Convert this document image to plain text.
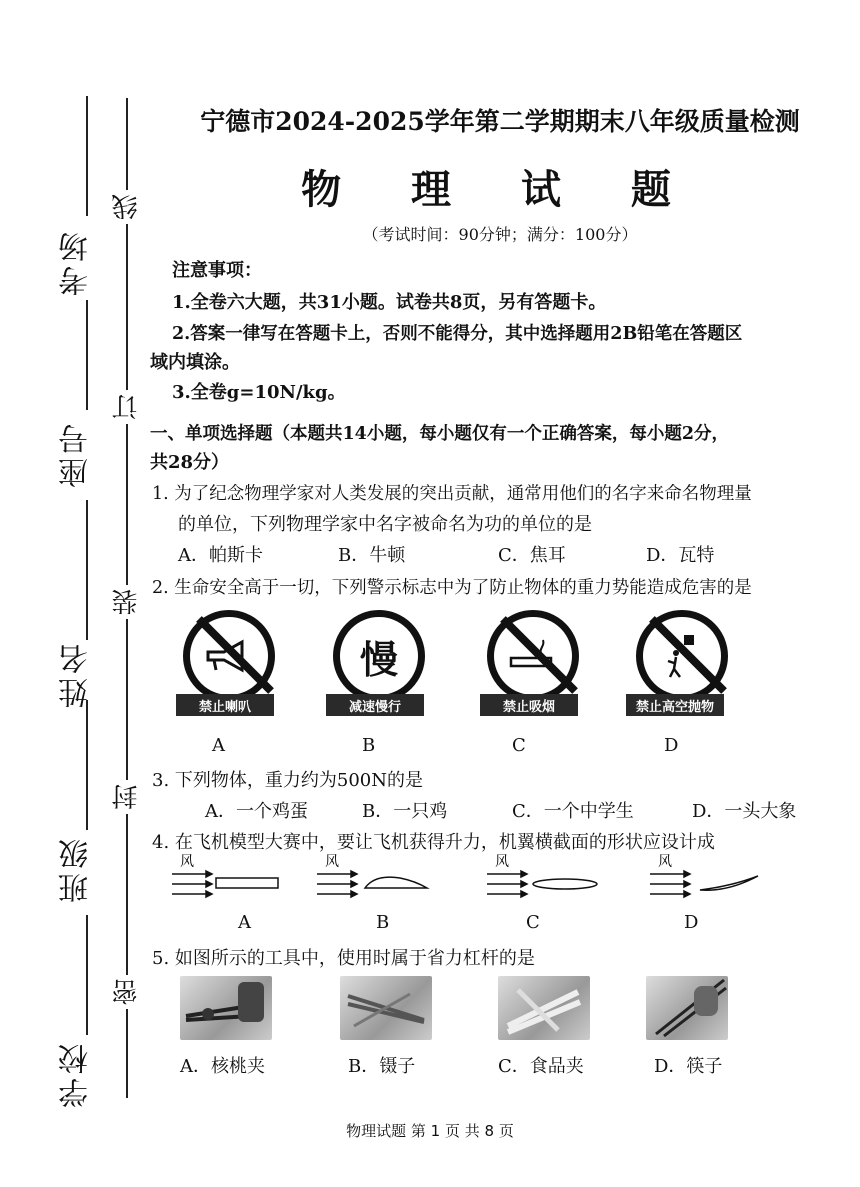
考场
座号
姓名
班级
学校
线
订
装
封
密
宁德市2024-2025学年第二学期期末八年级质量检测
物 理 试 题
（考试时间：90分钟；满分：100分）
注意事项：
1.全卷六大题，共31小题。试卷共8页，另有答题卡。
2.答案一律写在答题卡上，否则不能得分，其中选择题用2B铅笔在答题区
域内填涂。
3.全卷g=10N/kg。
一、单项选择题（本题共14小题，每小题仅有一个正确答案，每小题2分，
共28分）
1. 为了纪念物理学家对人类发展的突出贡献，通常用他们的名字来命名物理量
的单位，下列物理学家中名字被命名为功的单位的是
A．帕斯卡	B．牛顿	C．焦耳	D．瓦特
2. 生命安全高于一切，下列警示标志中为了防止物体的重力势能造成危害的是
慢
禁止喇叭	减速慢行	禁止吸烟	禁止高空抛物
A	B	C	D
3. 下列物体，重力约为500N的是
A．一个鸡蛋	B．一只鸡	C．一个中学生	D．一头大象
4. 在飞机模型大赛中，要让飞机获得升力，机翼横截面的形状应设计成
风	风	风	风
A	B	C	D
5. 如图所示的工具中，使用时属于省力杠杆的是
A．核桃夹	B．镊子	C．食品夹	D．筷子
物理试题 第 1 页 共 8 页
